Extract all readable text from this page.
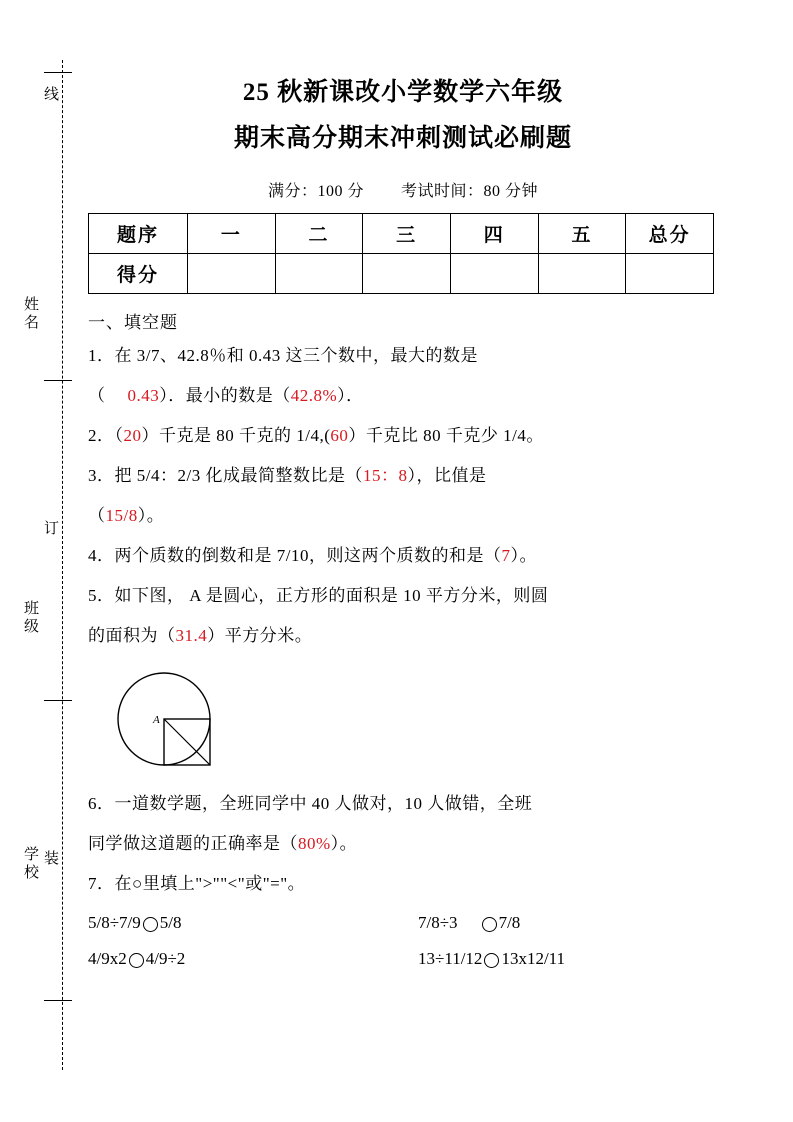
线
姓名
订
班级
装
学校
25 秋新课改小学数学六年级
期末高分期末冲刺测试必刷题
满分：100 分 考试时间：80 分钟
题序	一	二	三	四	五	总分
得分						
一、填空题

1．在 3/7、42.8％和 0.43 这三个数中，最大的数是

（ 0.43）．最小的数是（42.8%）．

2．（20）千克是 80 千克的 1/4,(60）千克比 80 千克少 1/4。

3．把 5/4：2/3 化成最简整数比是（15：8），比值是

（15/8）。

4．两个质数的倒数和是 7/10，则这两个质数的和是（7）。

5．如下图， A 是圆心，正方形的面积是 10 平方分米，则圆

的面积为（31.4）平方分米。

A

6．一道数学题，全班同学中 40 人做对，10 人做错，全班

同学做这道题的正确率是（80%）。

7．在○里填上">""<"或"="。

5/8÷7/9 5/8	7/8÷3 7/8
4/9x2 4/9÷2	13÷11/12 13x12/11
